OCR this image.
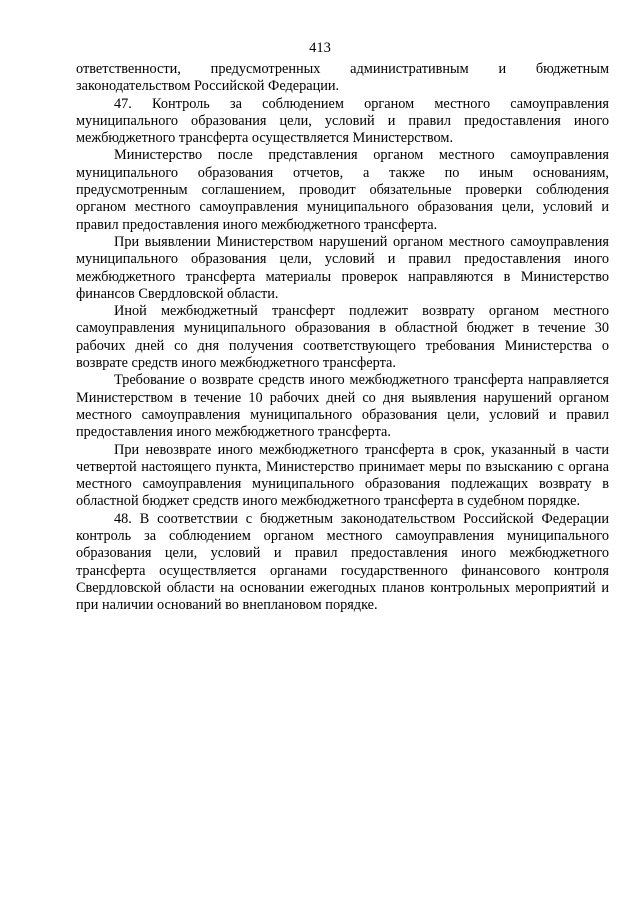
413

ответственности, предусмотренных административным и бюджетным законодательством Российской Федерации.

47. Контроль за соблюдением органом местного самоуправления муниципального образования цели, условий и правил предоставления иного межбюджетного трансферта осуществляется Министерством.

Министерство после представления органом местного самоуправления муниципального образования отчетов, а также по иным основаниям, предусмотренным соглашением, проводит обязательные проверки соблюдения органом местного самоуправления муниципального образования цели, условий и правил предоставления иного межбюджетного трансферта.

При выявлении Министерством нарушений органом местного самоуправления муниципального образования цели, условий и правил предоставления иного межбюджетного трансферта материалы проверок направляются в Министерство финансов Свердловской области.

Иной межбюджетный трансферт подлежит возврату органом местного самоуправления муниципального образования в областной бюджет в течение 30 рабочих дней со дня получения соответствующего требования Министерства о возврате средств иного межбюджетного трансферта.

Требование о возврате средств иного межбюджетного трансферта направляется Министерством в течение 10 рабочих дней со дня выявления нарушений органом местного самоуправления муниципального образования цели, условий и правил предоставления иного межбюджетного трансферта.

При невозврате иного межбюджетного трансферта в срок, указанный в части четвертой настоящего пункта, Министерство принимает меры по взысканию с органа местного самоуправления муниципального образования подлежащих возврату в областной бюджет средств иного межбюджетного трансферта в судебном порядке.

48. В соответствии с бюджетным законодательством Российской Федерации контроль за соблюдением органом местного самоуправления муниципального образования цели, условий и правил предоставления иного межбюджетного трансферта осуществляется органами государственного финансового контроля Свердловской области на основании ежегодных планов контрольных мероприятий и при наличии оснований во внеплановом порядке.
